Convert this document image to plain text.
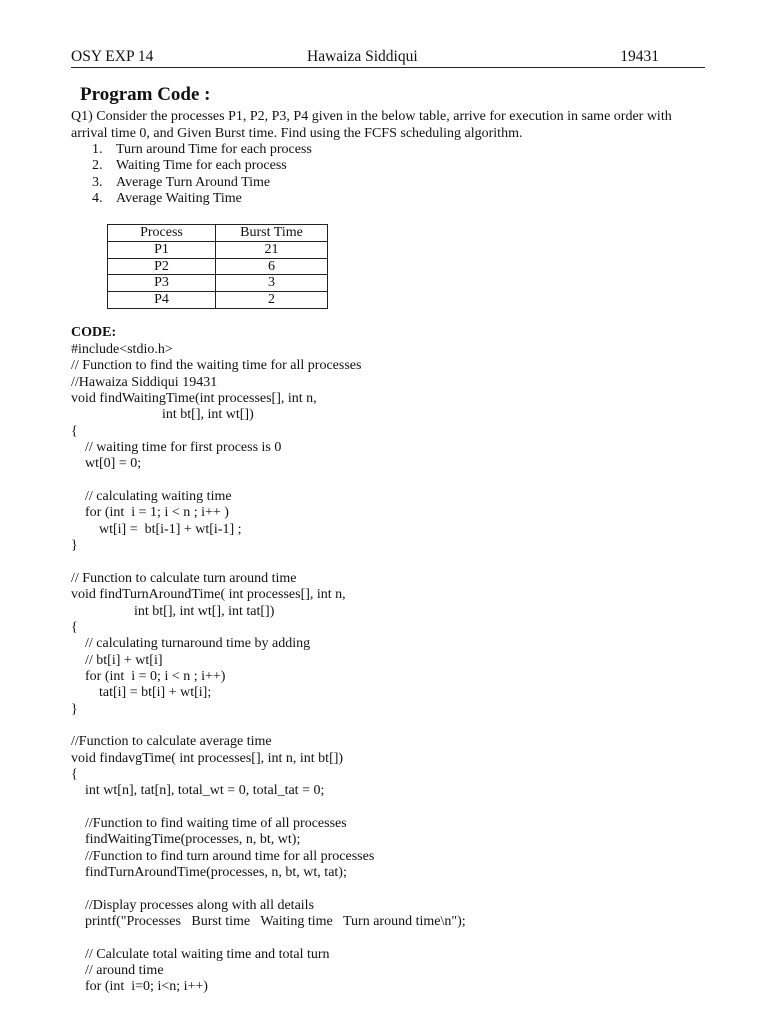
OSY EXP 14	Hawaiza Siddiqui	19431
Program Code :

Q1) Consider the processes P1, P2, P3, P4 given in the below table, arrive for execution in same order with arrival time 0, and Given Burst time. Find using the FCFS scheduling algorithm.

1. Turn around Time for each process
2. Waiting Time for each process
3. Average Turn Around Time
4. Average Waiting Time
Process	Burst Time
P1	21
P2	6
P3	3
P4	2
CODE:
#include<stdio.h>
// Function to find the waiting time for all processes
//Hawaiza Siddiqui 19431
void findWaitingTime(int processes[], int n,
int bt[], int wt[])
{
// waiting time for first process is 0
wt[0] = 0;
// calculating waiting time
for (int  i = 1; i < n ; i++ )
wt[i] =  bt[i-1] + wt[i-1] ;
}
// Function to calculate turn around time
void findTurnAroundTime( int processes[], int n,
int bt[], int wt[], int tat[])
{
// calculating turnaround time by adding
// bt[i] + wt[i]
for (int  i = 0; i < n ; i++)
tat[i] = bt[i] + wt[i];
}
//Function to calculate average time
void findavgTime( int processes[], int n, int bt[])
{
int wt[n], tat[n], total_wt = 0, total_tat = 0;
//Function to find waiting time of all processes
findWaitingTime(processes, n, bt, wt);
//Function to find turn around time for all processes
findTurnAroundTime(processes, n, bt, wt, tat);
//Display processes along with all details
printf("Processes   Burst time   Waiting time   Turn around time\n");
// Calculate total waiting time and total turn
// around time
for (int  i=0; i<n; i++)
